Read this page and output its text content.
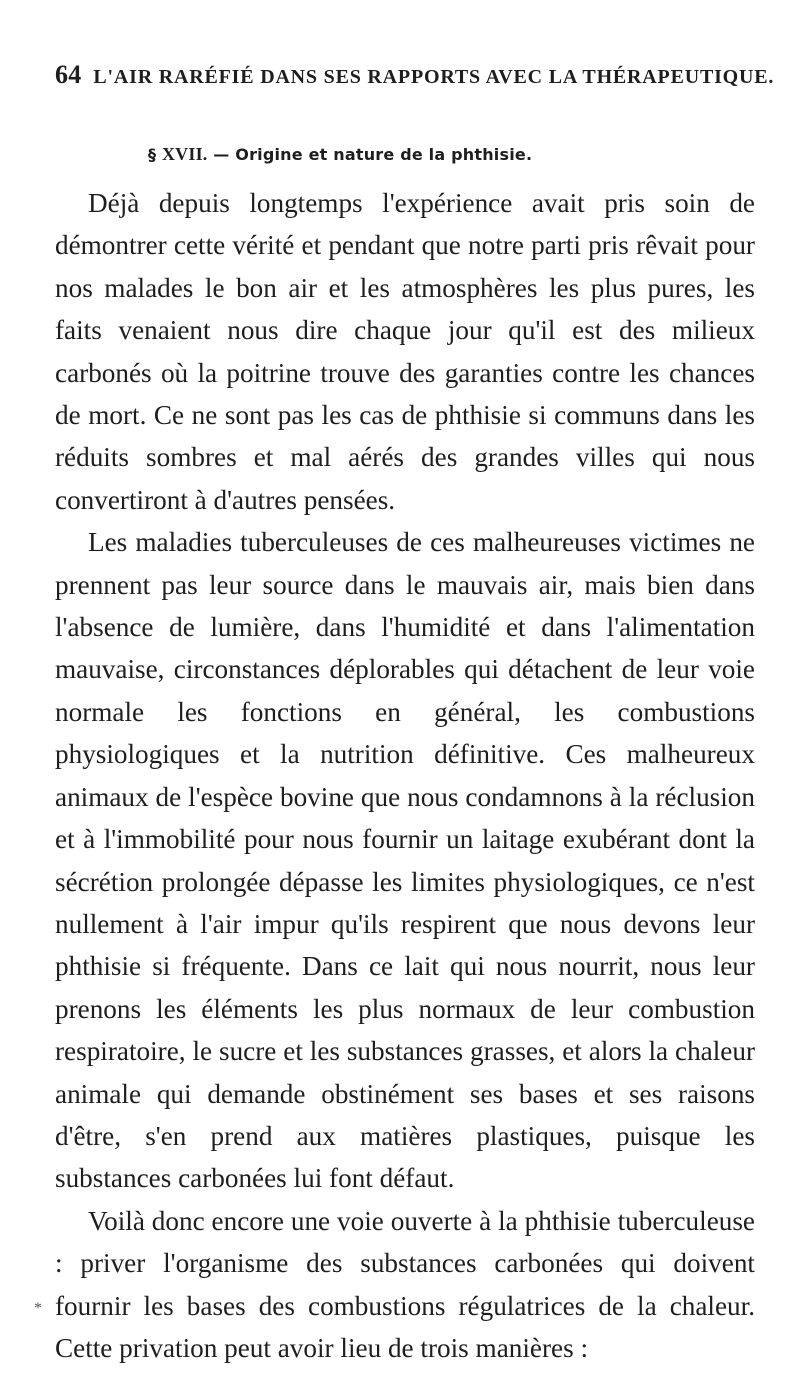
64 L'AIR RARÉFIÉ DANS SES RAPPORTS AVEC LA THÉRAPEUTIQUE.
§ XVII. — Origine et nature de la phthisie.

Déjà depuis longtemps l'expérience avait pris soin de démontrer cette vérité et pendant que notre parti pris rêvait pour nos malades le bon air et les atmosphères les plus pures, les faits venaient nous dire chaque jour qu'il est des milieux carbonés où la poitrine trouve des garanties contre les chances de mort. Ce ne sont pas les cas de phthisie si communs dans les réduits sombres et mal aérés des grandes villes qui nous convertiront à d'autres pensées.

Les maladies tuberculeuses de ces malheureuses victimes ne prennent pas leur source dans le mauvais air, mais bien dans l'absence de lumière, dans l'humidité et dans l'alimentation mauvaise, circonstances déplorables qui détachent de leur voie normale les fonctions en général, les combustions physiologiques et la nutrition définitive. Ces malheureux animaux de l'espèce bovine que nous condamnons à la réclusion et à l'immobilité pour nous fournir un laitage exubérant dont la sécrétion prolongée dépasse les limites physiologiques, ce n'est nullement à l'air impur qu'ils respirent que nous devons leur phthisie si fréquente. Dans ce lait qui nous nourrit, nous leur prenons les éléments les plus normaux de leur combustion respiratoire, le sucre et les substances grasses, et alors la chaleur animale qui demande obstinément ses bases et ses raisons d'être, s'en prend aux matières plastiques, puisque les substances carbonées lui font défaut.

Voilà donc encore une voie ouverte à la phthisie tuberculeuse : priver l'organisme des substances carbonées qui doivent fournir les bases des combustions régulatrices de la chaleur. Cette privation peut avoir lieu de trois manières :

*
